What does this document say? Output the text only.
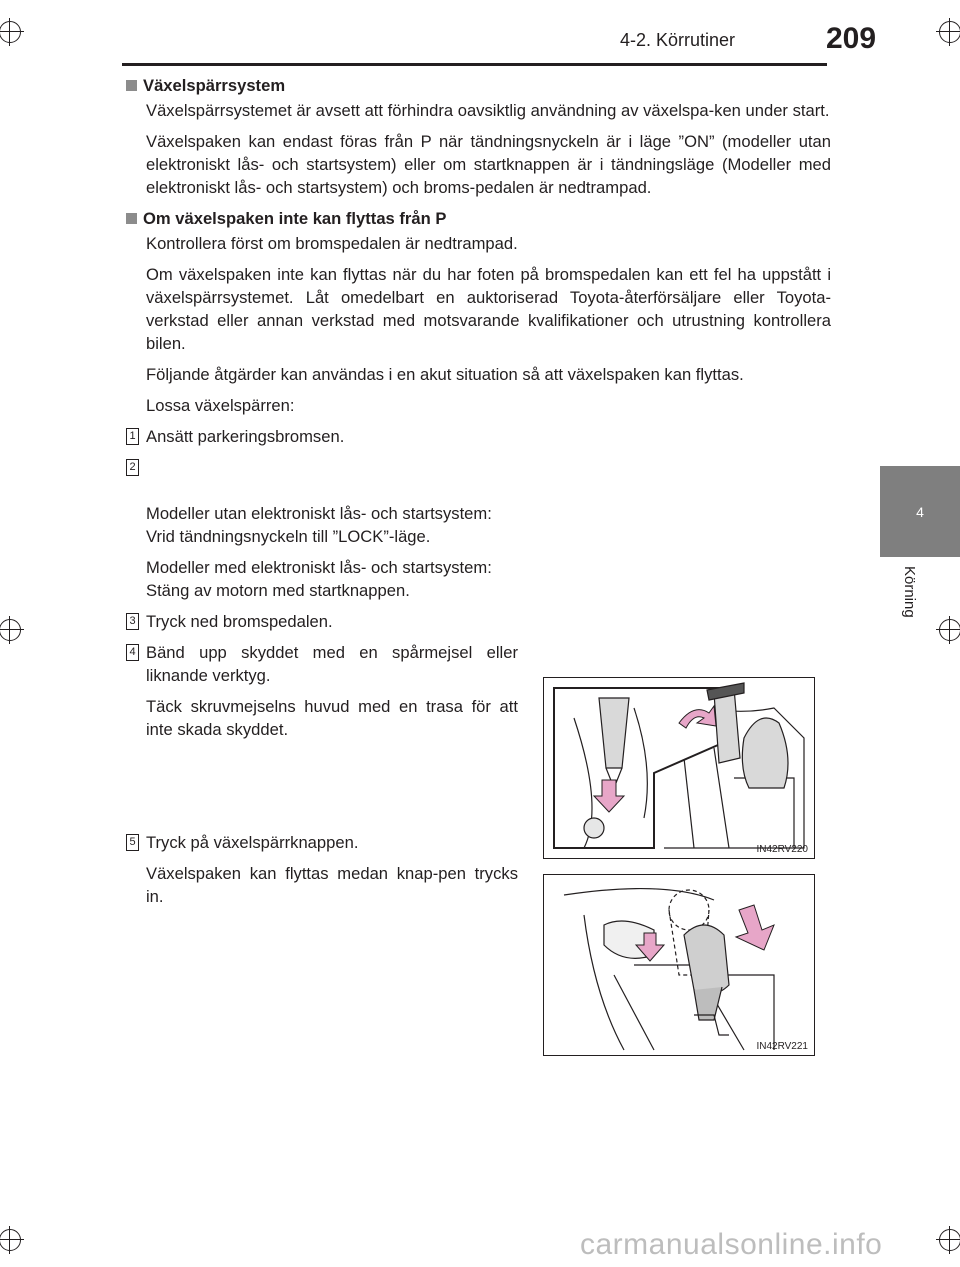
4-2. Körrutiner	209
4
Körning
Växelspärrsystem

Växelspärrsystemet är avsett att förhindra oavsiktlig användning av växelspa-ken under start.

Växelspaken kan endast föras från P när tändningsnyckeln är i läge ”ON” (modeller utan elektroniskt lås- och startsystem) eller om startknappen är i tändningsläge (Modeller med elektroniskt lås- och startsystem) och broms-pedalen är nedtrampad.

Om växelspaken inte kan flyttas från P

Kontrollera först om bromspedalen är nedtrampad.

Om växelspaken inte kan flyttas när du har foten på bromspedalen kan ett fel ha uppstått i växelspärrsystemet. Låt omedelbart en auktoriserad Toyota-återförsäljare eller Toyota-verkstad eller annan verkstad med motsvarande kvalifikationer och utrustning kontrollera bilen.

Följande åtgärder kan användas i en akut situation så att växelspaken kan flyttas.

Lossa växelspärren:

1 Ansätt parkeringsbromsen.

2

Modeller utan elektroniskt lås- och startsystem:
Vrid tändningsnyckeln till ”LOCK”-läge.

Modeller med elektroniskt lås- och startsystem:
Stäng av motorn med startknappen.
3 Tryck ned bromspedalen.
4 Bänd upp skyddet med en spårmejsel eller liknande verktyg.
Täck skruvmejselns huvud med en trasa för att inte skada skyddet.
5 Tryck på växelspärrknappen.
Växelspaken kan flyttas medan knap-pen trycks in.
IN42RV220
IN42RV221
carmanualsonline.info
